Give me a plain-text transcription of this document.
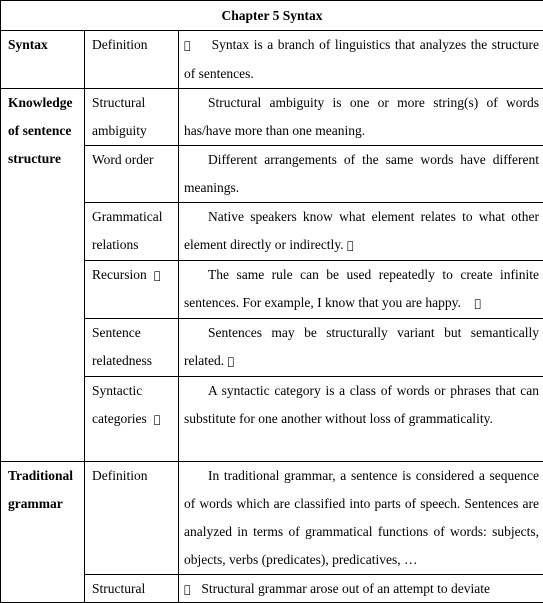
Chapter 5 Syntax		
Syntax	Definition	Syntax is a branch of linguistics that analyzes the structure of sentences.
Knowledge of sentence structure	Structural ambiguity	Structural ambiguity is one or more string(s) of words has/have more than one meaning.
	Word order	Different arrangements of the same words have different meanings.
	Grammatical relations	Native speakers know what element relates to what other element directly or indirectly.
	Recursion	The same rule can be used repeatedly to create infinite sentences. For example, I know that you are happy.
	Sentence relatedness	Sentences may be structurally variant but semantically related.
	Syntactic categories	A syntactic category is a class of words or phrases that can substitute for one another without loss of grammaticality.
Traditional grammar	Definition	In traditional grammar, a sentence is considered a sequence of words which are classified into parts of speech. Sentences are analyzed in terms of grammatical functions of words: subjects, objects, verbs (predicates), predicatives, …

	Structural	Structural grammar arose out of an attempt to deviate
